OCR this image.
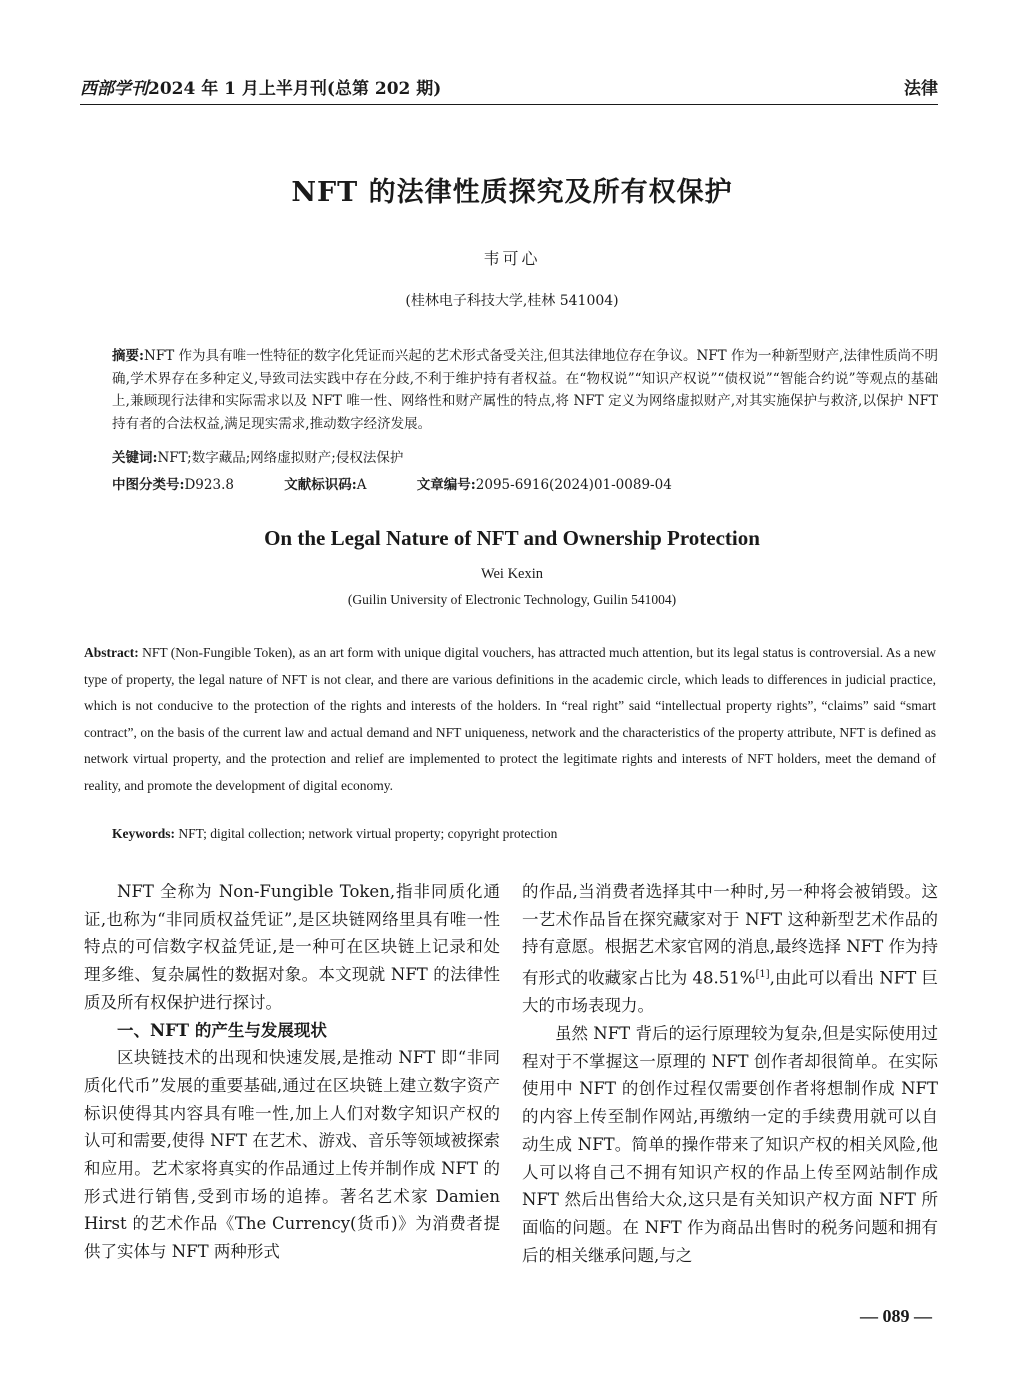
西部学刊2024 年 1 月上半月刊(总第 202 期)	法律
NFT 的法律性质探究及所有权保护
韦可心
(桂林电子科技大学,桂林 541004)
摘要:NFT 作为具有唯一性特征的数字化凭证而兴起的艺术形式备受关注,但其法律地位存在争议。NFT 作为一种新型财产,法律性质尚不明确,学术界存在多种定义,导致司法实践中存在分歧,不利于维护持有者权益。在“物权说”“知识产权说”“债权说”“智能合约说”等观点的基础上,兼顾现行法律和实际需求以及 NFT 唯一性、网络性和财产属性的特点,将 NFT 定义为网络虚拟财产,对其实施保护与救济,以保护 NFT 持有者的合法权益,满足现实需求,推动数字经济发展。
关键词:NFT;数字藏品;网络虚拟财产;侵权法保护
中图分类号:D923.8	文献标识码:A	文章编号:2095-6916(2024)01-0089-04
On the Legal Nature of NFT and Ownership Protection
Wei Kexin
(Guilin University of Electronic Technology, Guilin 541004)
Abstract: NFT (Non-Fungible Token), as an art form with unique digital vouchers, has attracted much attention, but its legal status is controversial. As a new type of property, the legal nature of NFT is not clear, and there are various definitions in the academic circle, which leads to differences in judicial practice, which is not conducive to the protection of the rights and interests of the holders. In “real right” said “intellectual property rights”, “claims” said “smart contract”, on the basis of the current law and actual demand and NFT uniqueness, network and the characteristics of the property attribute, NFT is defined as network virtual property, and the protection and relief are implemented to protect the legitimate rights and interests of NFT holders, meet the demand of reality, and promote the development of digital economy.
Keywords: NFT; digital collection; network virtual property; copyright protection

NFT 全称为 Non-Fungible Token,指非同质化通证,也称为“非同质权益凭证”,是区块链网络里具有唯一性特点的可信数字权益凭证,是一种可在区块链上记录和处理多维、复杂属性的数据对象。本文现就 NFT 的法律性质及所有权保护进行探讨。

一、NFT 的产生与发展现状

区块链技术的出现和快速发展,是推动 NFT 即“非同质化代币”发展的重要基础,通过在区块链上建立数字资产标识使得其内容具有唯一性,加上人们对数字知识产权的认可和需要,使得 NFT 在艺术、游戏、音乐等领域被探索和应用。艺术家将真实的作品通过上传并制作成 NFT 的形式进行销售,受到市场的追捧。著名艺术家 Damien Hirst 的艺术作品《The Currency(货币)》为消费者提供了实体与 NFT 两种形式

的作品,当消费者选择其中一种时,另一种将会被销毁。这一艺术作品旨在探究藏家对于 NFT 这种新型艺术作品的持有意愿。根据艺术家官网的消息,最终选择 NFT 作为持有形式的收藏家占比为 48.51%[1],由此可以看出 NFT 巨大的市场表现力。

虽然 NFT 背后的运行原理较为复杂,但是实际使用过程对于不掌握这一原理的 NFT 创作者却很简单。在实际使用中 NFT 的创作过程仅需要创作者将想制作成 NFT 的内容上传至制作网站,再缴纳一定的手续费用就可以自动生成 NFT。简单的操作带来了知识产权的相关风险,他人可以将自己不拥有知识产权的作品上传至网站制作成 NFT 然后出售给大众,这只是有关知识产权方面 NFT 所面临的问题。在 NFT 作为商品出售时的税务问题和拥有后的相关继承问题,与之

— 089 —
